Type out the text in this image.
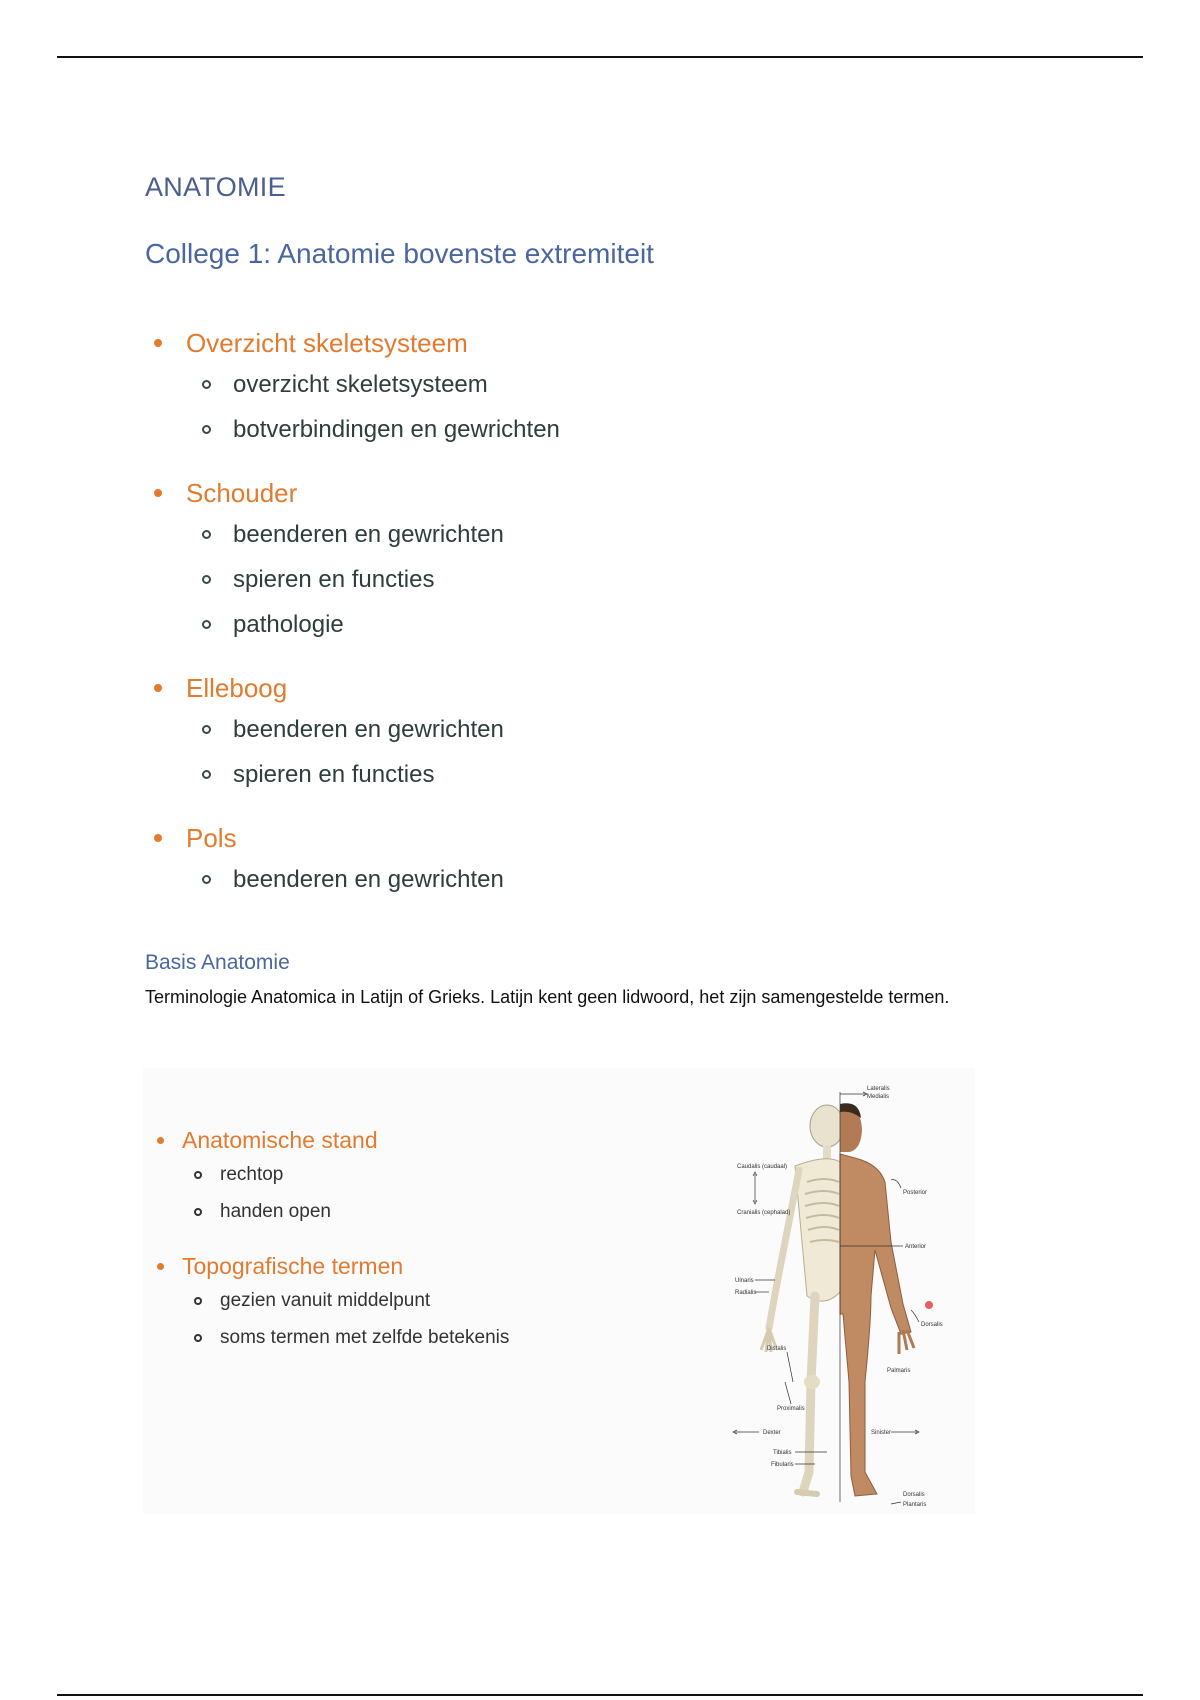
ANATOMIE
College 1: Anatomie bovenste extremiteit
Overzicht skeletsysteem
overzicht skeletsysteem
botverbindingen en gewrichten
Schouder
beenderen en gewrichten
spieren en functies
pathologie
Elleboog
beenderen en gewrichten
spieren en functies
Pols
beenderen en gewrichten
Basis Anatomie
Terminologie Anatomica in Latijn of Grieks. Latijn kent geen lidwoord, het zijn samengestelde termen.
Anatomische stand
rechtop
handen open
Topografische termen
gezien vanuit middelpunt
soms termen met zelfde betekenis
Lateralis
Medialis
Caudalis (caudaal)
Cranialis (cephalad)
Posterior
Anterior
Ulnaris
Radialis
Dorsalis
Distalis
Proximalis
Palmaris
Dexter	Sinister
Tibialis
Fibularis
Dorsalis
Plantaris
